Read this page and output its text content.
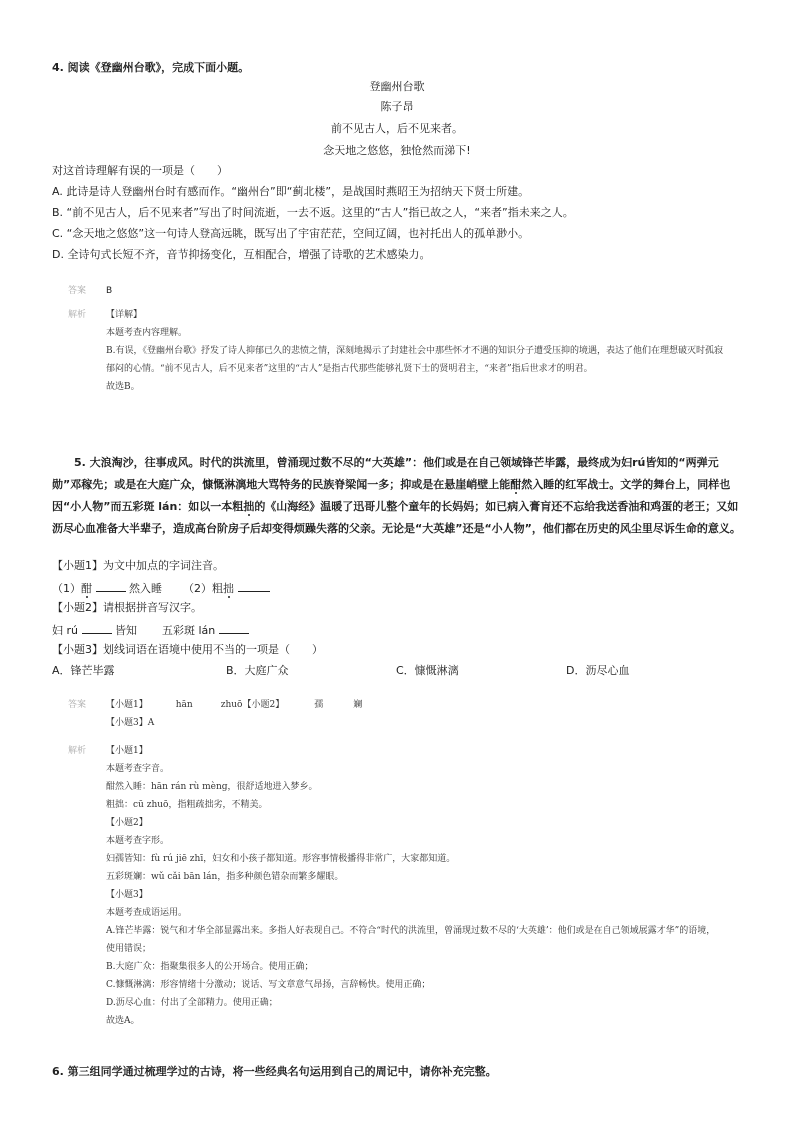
4. 阅读《登幽州台歌》，完成下面小题。
登幽州台歌
陈子昂
前不见古人，后不见来者。
念天地之悠悠，独怆然而涕下!
对这首诗理解有误的一项是（　　）
A. 此诗是诗人登幽州台时有感而作。“幽州台”即“蓟北楼”，是战国时燕昭王为招纳天下贤士所建。
B. “前不见古人，后不见来者”写出了时间流逝，一去不返。这里的“古人”指已故之人，“来者”指未来之人。
C. “念天地之悠悠”这一句诗人登高远眺，既写出了宇宙茫茫，空间辽阔，也衬托出人的孤单渺小。
D. 全诗句式长短不齐，音节抑扬变化，互相配合，增强了诗歌的艺术感染力。
答案 B
解析 【详解】
本题考查内容理解。
B.有误，《登幽州台歌》抒发了诗人抑郁已久的悲愤之情，深刻地揭示了封建社会中那些怀才不遇的知识分子遭受压抑的境遇，表达了他们在理想破灭时孤寂郁闷的心情。“前不见古人，后不见来者”这里的“古人”是指古代那些能够礼贤下士的贤明君主，“来者”指后世求才的明君。
故选B。
5. 大浪淘沙，往事成风。时代的洪流里，曾涌现过数不尽的“大英雄”：他们或是在自己领域锋芒毕露，最终成为妇rú皆知的“两弹元勋”邓稼先；或是在大庭广众，慷慨淋漓地大骂特务的民族脊梁闻一多；抑或是在悬崖峭壁上能酣然入睡的红军战士。文学的舞台上，同样也因“小人物”而五彩斑 lán：如以一本粗拙的《山海经》温暖了迅哥儿整个童年的长妈妈；如已病入膏肓还不忘给我送香油和鸡蛋的老王；又如沥尽心血准备大半辈子，造成高台阶房子后却变得烦躁失落的父亲。无论是“大英雄”还是“小人物”，他们都在历史的风尘里尽诉生命的意义。
【小题1】为文中加点的字词注音。
（1）酣	然入睡 （2）粗拙
【小题2】请根据拼音写汉字。
妇 rú	皆知 五彩斑 lán
【小题3】划线词语在语境中使用不当的一项是（　　）
A．锋芒毕露	B．大庭广众	C．慷慨淋漓	D．沥尽心血
答案 【小题1】	hān	zhuō【小题2】	孺	斓
【小题3】A
解析 【小题1】
本题考查字音。
酣然入睡：hān rán rù mèng，很舒适地进入梦乡。
粗拙：cū zhuō，指粗疏拙劣，不精美。
【小题2】
本题考查字形。
妇孺皆知：fù rú jiē zhī，妇女和小孩子都知道。形容事情极播得非常广，大家都知道。
五彩斑斓：wǔ cǎi bān lán，指多种颜色错杂而繁多耀眼。
【小题3】
本题考查成语运用。
A.锋芒毕露：锐气和才华全部显露出来。多指人好表现自己。不符合“时代的洪流里，曾涌现过数不尽的‘大英雄’：他们或是在自己领域展露才华”的语境，使用错误；
B.大庭广众：指聚集很多人的公开场合。使用正确；
C.慷慨淋漓：形容情绪十分激动；说话、写文章意气昂扬，言辞畅快。使用正确；
D.沥尽心血：付出了全部精力。使用正确；
故选A。
6. 第三组同学通过梳理学过的古诗，将一些经典名句运用到自己的周记中，请你补充完整。
